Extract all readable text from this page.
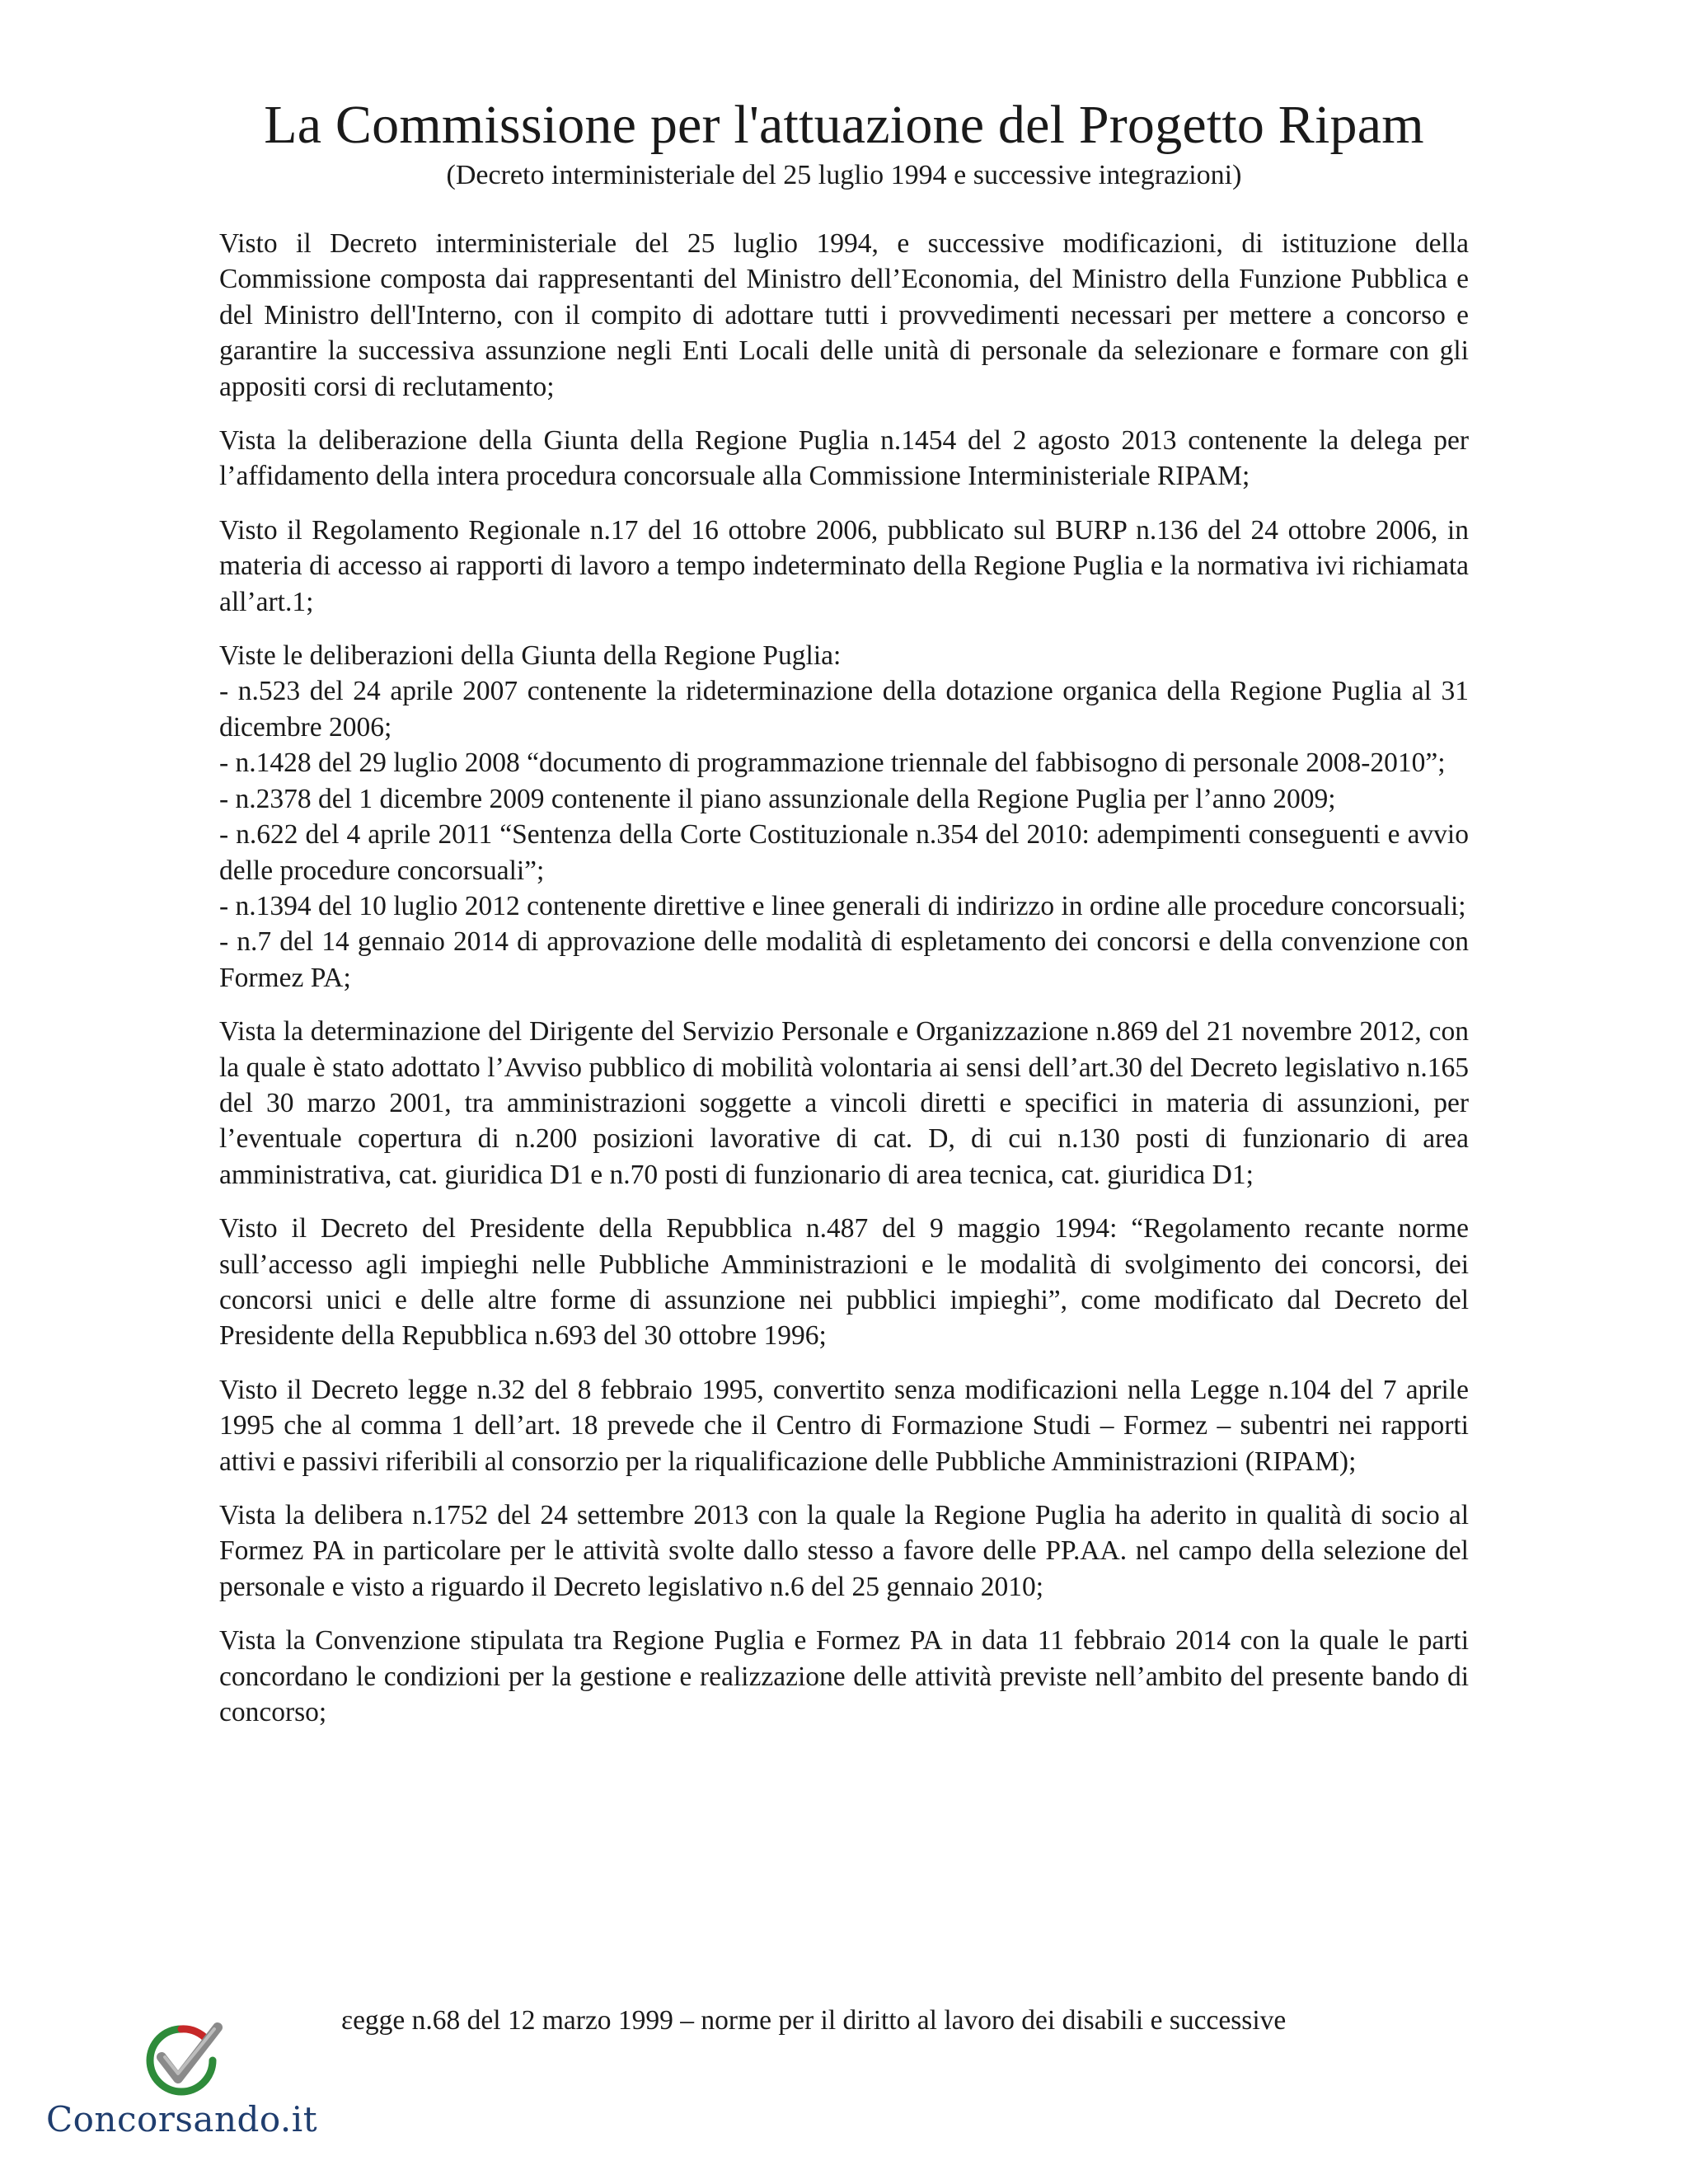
La Commissione per l'attuazione del Progetto Ripam

(Decreto interministeriale del 25 luglio 1994 e successive integrazioni)

Visto il Decreto interministeriale del 25 luglio 1994, e successive modificazioni, di istituzione della Commissione composta dai rappresentanti del Ministro dell’Economia, del Ministro della Funzione Pubblica e del Ministro dell'Interno, con il compito di adottare tutti i provvedimenti necessari per mettere a concorso e garantire la successiva assunzione negli Enti Locali delle unità di personale da selezionare e formare con gli appositi corsi di reclutamento;

Vista la deliberazione della Giunta della Regione Puglia n.1454 del 2 agosto 2013 contenente la delega per l’affidamento della intera procedura concorsuale alla Commissione Interministeriale RIPAM;

Visto il Regolamento Regionale n.17 del 16 ottobre 2006, pubblicato sul BURP n.136 del 24 ottobre 2006, in materia di accesso ai rapporti di lavoro a tempo indeterminato della Regione Puglia e la normativa ivi richiamata all’art.1;

Viste le deliberazioni della Giunta della Regione Puglia:

- n.523 del 24 aprile 2007 contenente la rideterminazione della dotazione organica della Regione Puglia al 31 dicembre 2006;

- n.1428 del 29 luglio 2008 “documento di programmazione triennale del fabbisogno di personale 2008-2010”;

- n.2378 del 1 dicembre 2009 contenente il piano assunzionale della Regione Puglia per l’anno 2009;

- n.622 del 4 aprile 2011 “Sentenza della Corte Costituzionale n.354 del 2010: adempimenti conseguenti e avvio delle procedure concorsuali”;

- n.1394 del 10 luglio 2012 contenente direttive e linee generali di indirizzo in ordine alle procedure concorsuali;

- n.7 del 14 gennaio 2014 di approvazione delle modalità di espletamento dei concorsi e della convenzione con Formez PA;

Vista la determinazione del Dirigente del Servizio Personale e Organizzazione n.869 del 21 novembre 2012, con la quale è stato adottato l’Avviso pubblico di mobilità volontaria ai sensi dell’art.30 del Decreto legislativo n.165 del 30 marzo 2001, tra amministrazioni soggette a vincoli diretti e specifici in materia di assunzioni, per l’eventuale copertura di n.200 posizioni lavorative di cat. D, di cui n.130 posti di funzionario di area amministrativa, cat. giuridica D1 e n.70 posti di funzionario di area tecnica, cat. giuridica D1;

Visto il Decreto del Presidente della Repubblica n.487 del 9 maggio 1994: “Regolamento recante norme sull’accesso agli impieghi nelle Pubbliche Amministrazioni e le modalità di svolgimento dei concorsi, dei concorsi unici e delle altre forme di assunzione nei pubblici impieghi”, come modificato dal Decreto del Presidente della Repubblica n.693 del 30 ottobre 1996;

Visto il Decreto legge n.32 del 8 febbraio 1995, convertito senza modificazioni nella Legge n.104 del 7 aprile 1995 che al comma 1 dell’art. 18 prevede che il Centro di Formazione Studi – Formez – subentri nei rapporti attivi e passivi riferibili al consorzio per la riqualificazione delle Pubbliche Amministrazioni (RIPAM);

Vista la delibera n.1752 del 24 settembre 2013 con la quale la Regione Puglia ha aderito in qualità di socio al Formez PA in particolare per le attività svolte dallo stesso a favore delle PP.AA. nel campo della selezione del personale e visto a riguardo il Decreto legislativo n.6 del 25 gennaio 2010;

Vista la Convenzione stipulata tra Regione Puglia e Formez PA in data 11 febbraio 2014 con la quale le parti concordano le condizioni per la gestione e realizzazione delle attività previste nell’ambito del presente bando di concorso;

ɛegge n.68 del 12 marzo 1999 – norme per il diritto al lavoro dei disabili e successive

Concorsando.it
